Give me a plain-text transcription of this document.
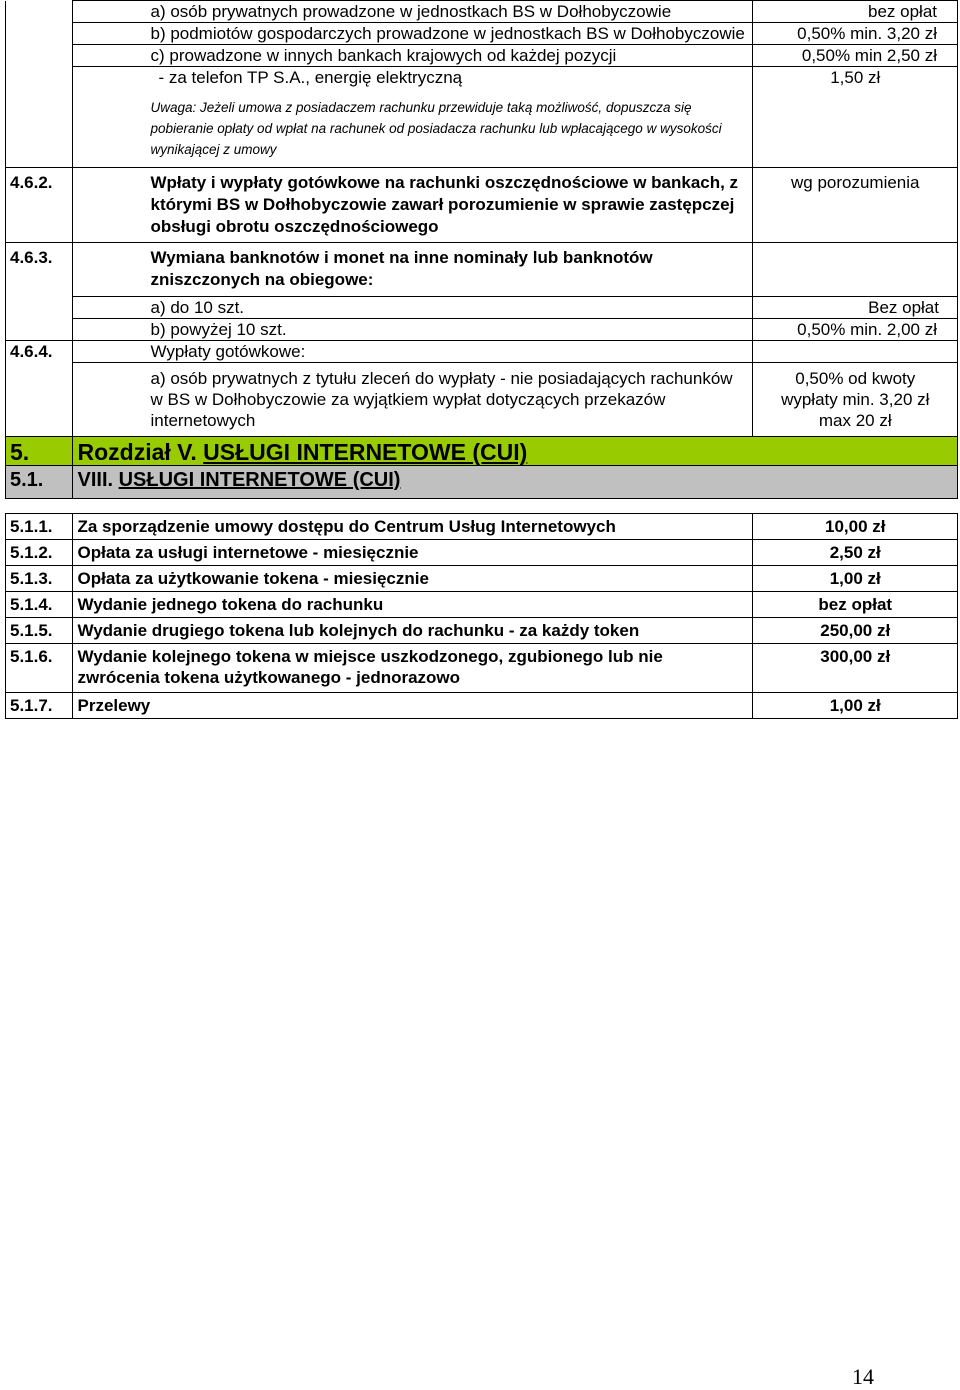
	a) osób prywatnych prowadzone w jednostkach BS w Dołhobyczowie	bez opłat
	b) podmiotów gospodarczych prowadzone w jednostkach BS w Dołhobyczowie	0,50% min. 3,20 zł
	c) prowadzone w innych bankach krajowych od każdej pozycji	0,50% min 2,50 zł
	- za telefon TP S.A., energię elektryczną	1,50 zł
	Uwaga: Jeżeli umowa z posiadaczem rachunku przewiduje taką możliwość, dopuszcza się pobieranie opłaty od wpłat na rachunek od posiadacza rachunku lub wpłacającego w wysokości wynikającej z umowy	
4.6.2.	Wpłaty i wypłaty gotówkowe na rachunki oszczędnościowe w bankach, z którymi BS w Dołhobyczowie zawarł porozumienie w sprawie zastępczej obsługi obrotu oszczędnościowego	wg porozumienia
4.6.3.	Wymiana banknotów i monet na inne nominały lub banknotów zniszczonych na obiegowe:	
	a) do 10 szt.	Bez opłat
	b) powyżej 10 szt.	0,50% min. 2,00 zł
4.6.4.	Wypłaty gotówkowe:	
	a) osób prywatnych z tytułu zleceń do wypłaty - nie posiadających rachunków w BS w Dołhobyczowie za wyjątkiem wypłat dotyczących przekazów internetowych	0,50% od kwoty
wypłaty min. 3,20 zł
max 20 zł

5.	Rozdział V. USŁUGI INTERNETOWE (CUI)	
5.1.	VIII. USŁUGI INTERNETOWE (CUI)	

5.1.1.	Za sporządzenie umowy dostępu do Centrum Usług Internetowych	10,00 zł
5.1.2.	Opłata za usługi internetowe - miesięcznie	2,50 zł
5.1.3.	Opłata za użytkowanie tokena - miesięcznie	1,00 zł
5.1.4.	Wydanie jednego tokena do rachunku	bez opłat
5.1.5.	Wydanie drugiego tokena lub kolejnych do rachunku - za każdy token	250,00 zł
5.1.6.	Wydanie kolejnego tokena w miejsce uszkodzonego, zgubionego lub nie zwrócenia tokena użytkowanego - jednorazowo	300,00 zł
5.1.7.	Przelewy	1,00 zł
14
